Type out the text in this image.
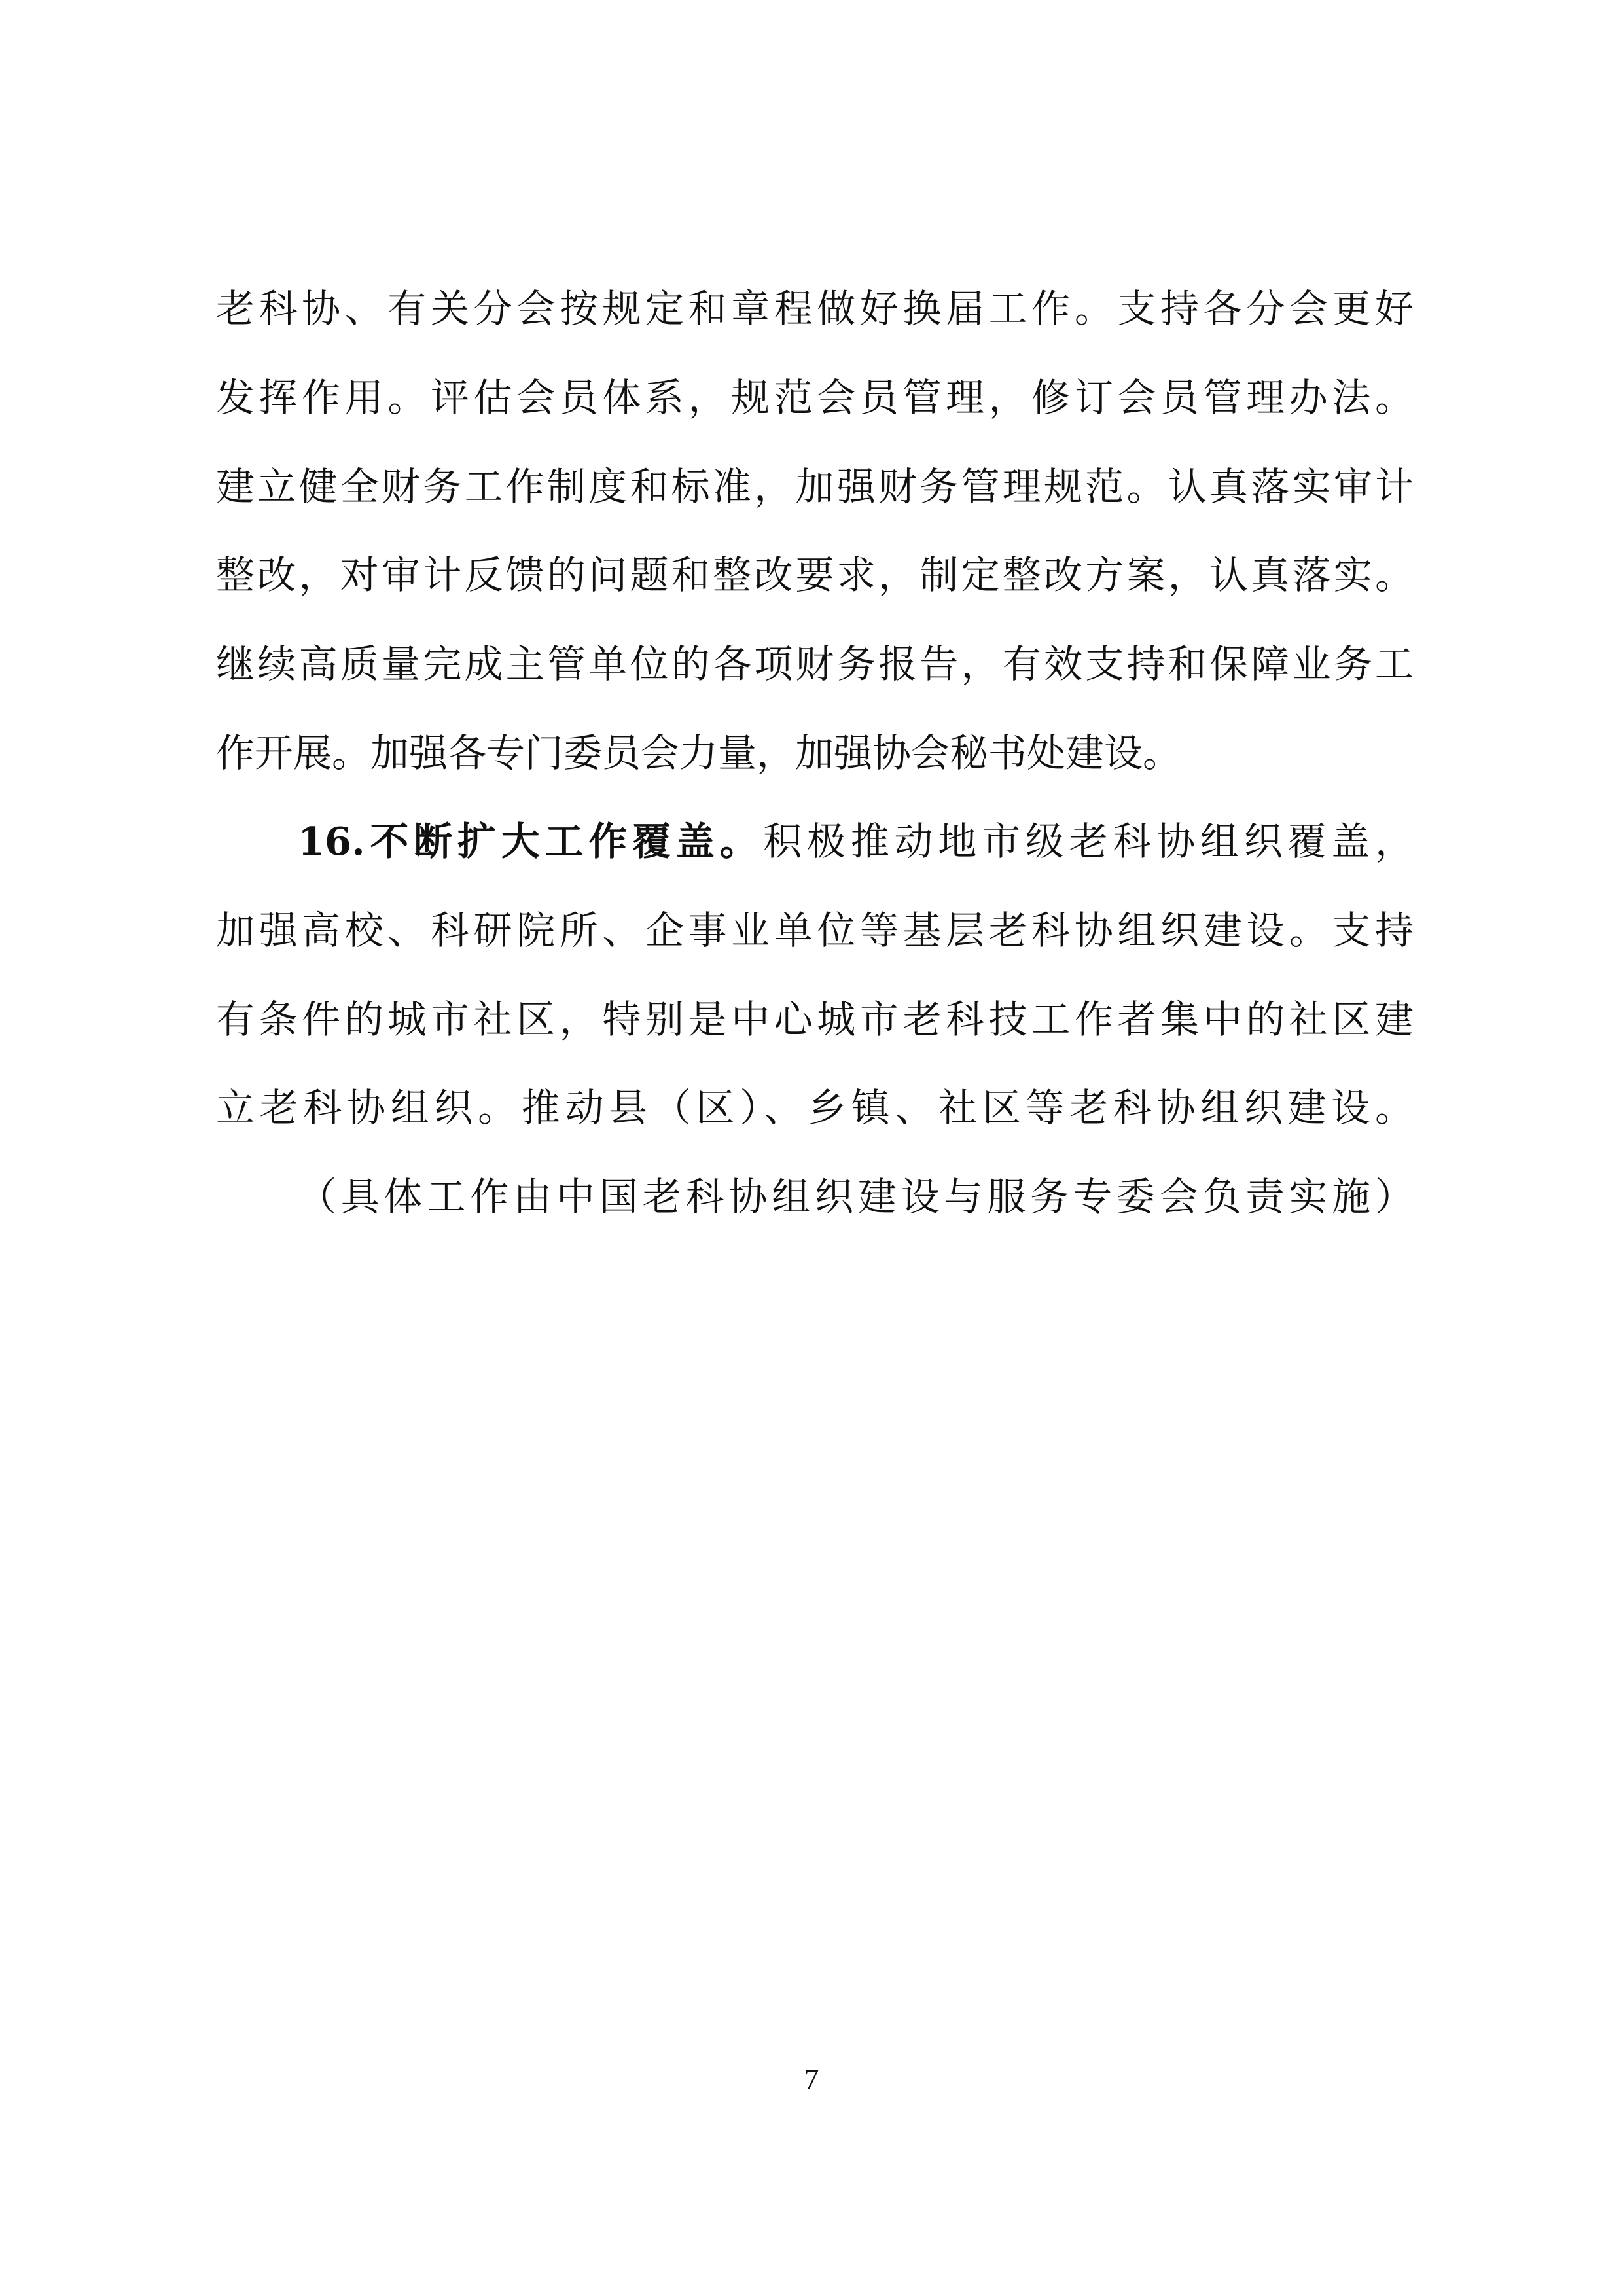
老科协、有关分会按规定和章程做好换届工作。支持各分会更好
发挥作用。评估会员体系，规范会员管理，修订会员管理办法。
建立健全财务工作制度和标准，加强财务管理规范。认真落实审计
整改，对审计反馈的问题和整改要求，制定整改方案，认真落实。
继续高质量完成主管单位的各项财务报告，有效支持和保障业务工
作开展。加强各专门委员会力量，加强协会秘书处建设。
16.不断扩大工作覆盖。积极推动地市级老科协组织覆盖，
加强高校、科研院所、企事业单位等基层老科协组织建设。支持
有条件的城市社区，特别是中心城市老科技工作者集中的社区建
立老科协组织。推动县（区）、乡镇、社区等老科协组织建设。
（具体工作由中国老科协组织建设与服务专委会负责实施）
7
